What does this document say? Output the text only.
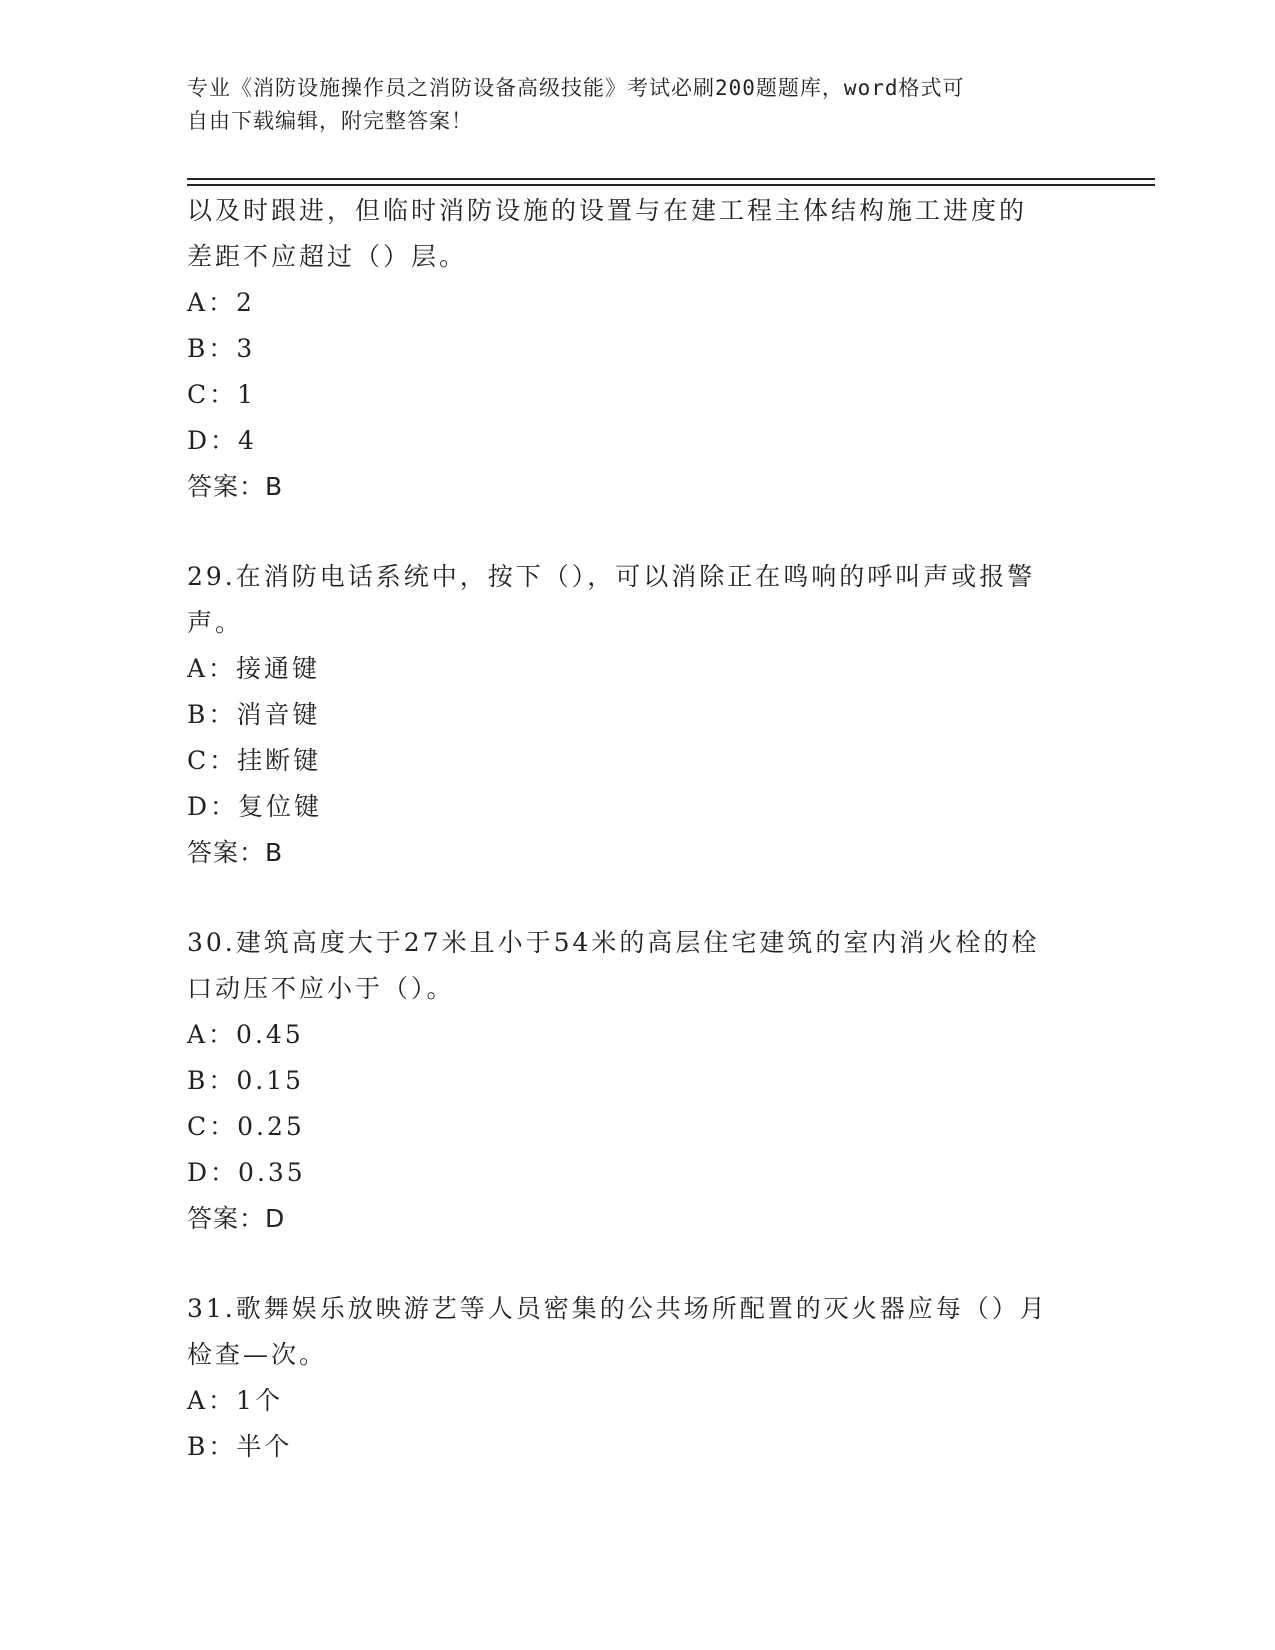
专业《消防设施操作员之消防设备高级技能》考试必刷200题题库，word格式可
自由下载编辑，附完整答案！
以及时跟进，但临时消防设施的设置与在建工程主体结构施工进度的
差距不应超过（）层。
A：2
B：3
C：1
D：4
答案：B
29.在消防电话系统中，按下（），可以消除正在鸣响的呼叫声或报警
声。
A：接通键
B：消音键
C：挂断键
D：复位键
答案：B
30.建筑高度大于27米且小于54米的高层住宅建筑的室内消火栓的栓
口动压不应小于（）。
A：0.45
B：0.15
C：0.25
D：0.35
答案：D
31.歌舞娱乐放映游艺等人员密集的公共场所配置的灭火器应每（）月
检查—次。
A：1个
B：半个
